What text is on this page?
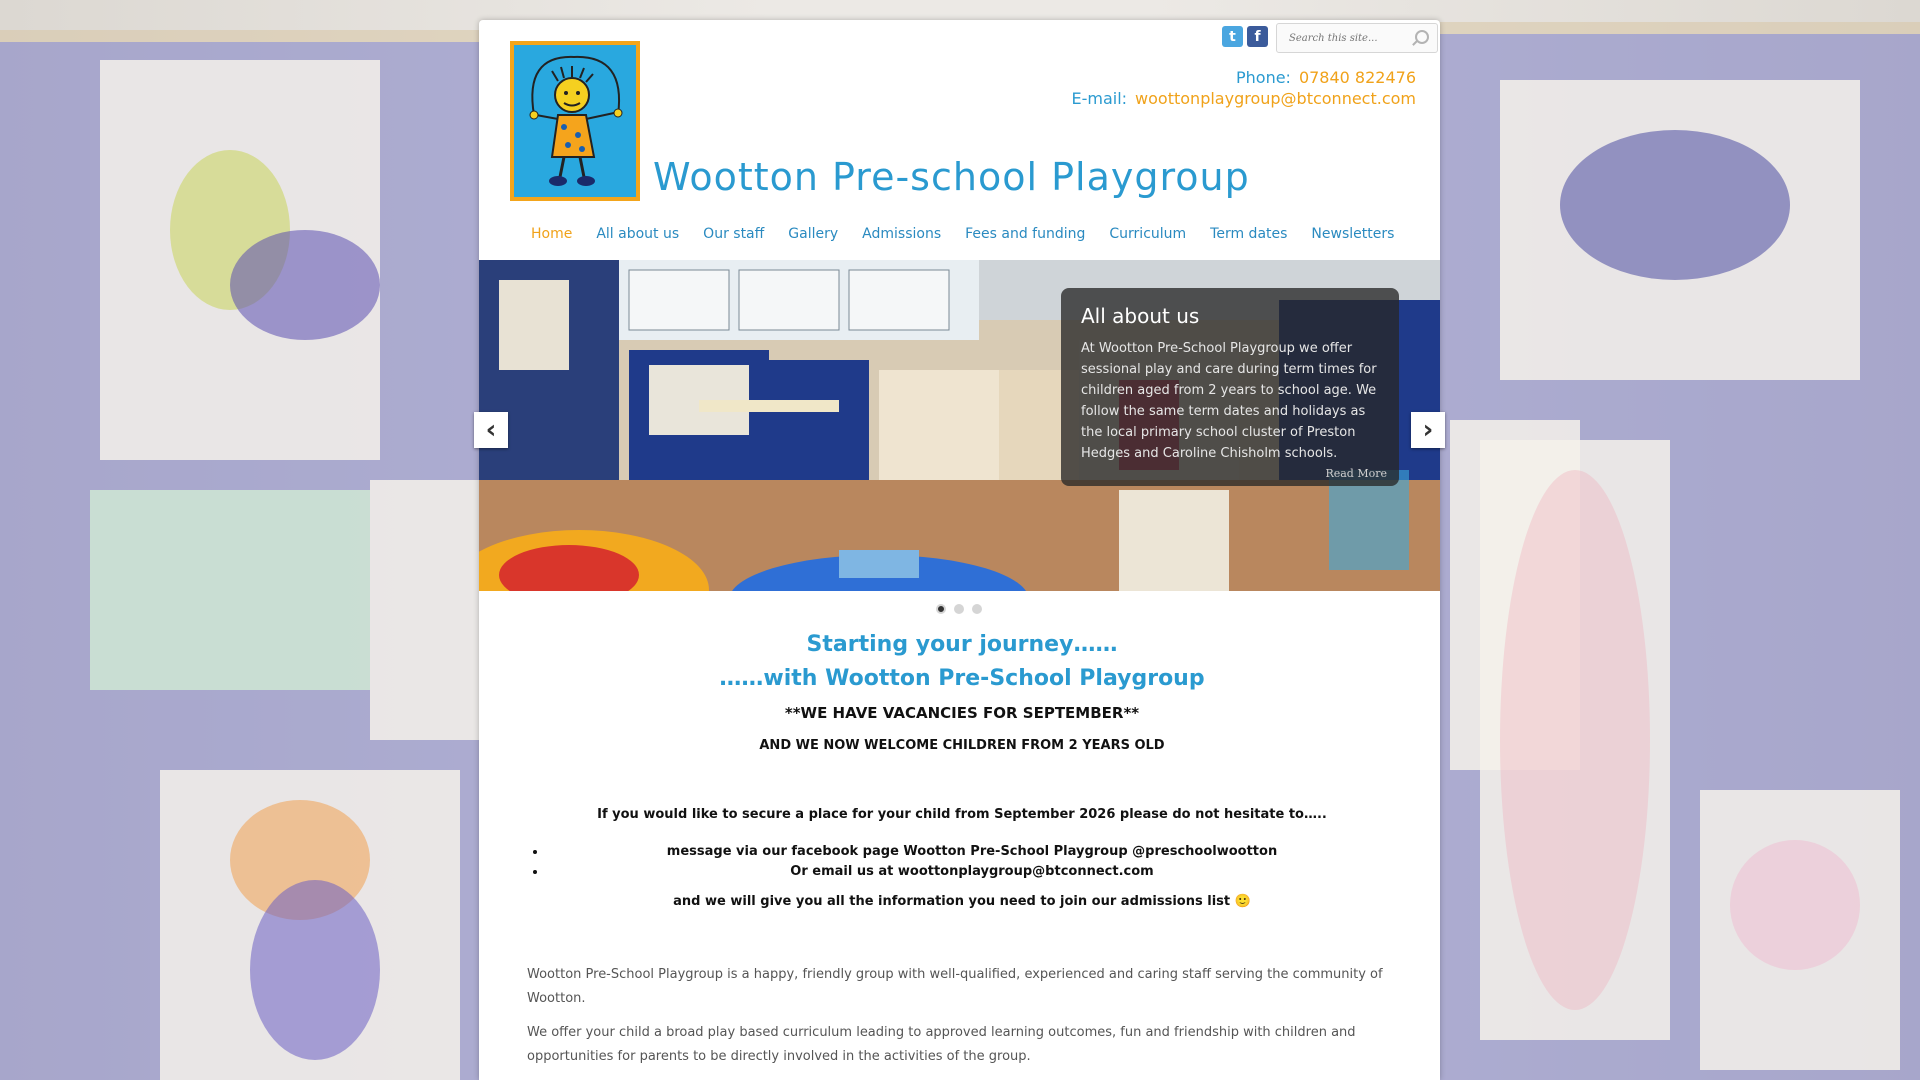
t	f
Search this site...
Phone: 07840 822476
E-mail: woottonplaygroup@btconnect.com
Wootton Pre-school Playgroup
Home All about us Our staff Gallery Admissions Fees and funding Curriculum Term dates Newsletters
‹	›

All about us

At Wootton Pre-School Playgroup we offer sessional play and care during term times for children aged from 2 years to school age. We follow the same term dates and holidays as the local primary school cluster of Preston Hedges and Caroline Chisholm schools.

Read More

Starting your journey……

……with Wootton Pre-School Playgroup

**WE HAVE VACANCIES FOR SEPTEMBER**

AND WE NOW WELCOME CHILDREN FROM 2 YEARS OLD

If you would like to secure a place for your child from September 2026 please do not hesitate to…..

• message via our facebook page Wootton Pre-School Playgroup @preschoolwootton
• Or email us at woottonplaygroup@btconnect.com

and we will give you all the information you need to join our admissions list 🙂

Wootton Pre-School Playgroup is a happy, friendly group with well-qualified, experienced and caring staff serving the community of Wootton.

We offer your child a broad play based curriculum leading to approved learning outcomes, fun and friendship with children and opportunities for parents to be directly involved in the activities of the group.
